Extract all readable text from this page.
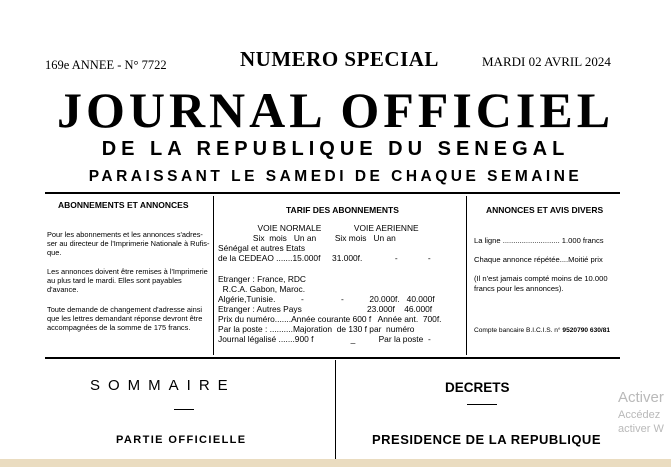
169e ANNEE - N° 7722	NUMERO SPECIAL	MARDI 02 AVRIL 2024
JOURNAL OFFICIEL
DE LA REPUBLIQUE DU SENEGAL
PARAISSANT LE SAMEDI DE CHAQUE SEMAINE
ABONNEMENTS ET ANNONCES
Pour les abonnements et les annonces s'adres-ser au directeur de l'Imprimerie Nationale à Rufis-que.
Les annonces doivent être remises à l'Imprimerie au plus tard le mardi. Elles sont payables d'avance.
Toute demande de changement d'adresse ainsi que les lettres demandant réponse devront être accompagnées de la somme de 175 francs.
TARIF DES ABONNEMENTS
VOIE NORMALE              VOIE AERIENNE
Six  mois   Un an        Six mois   Un an
Sénégal et autres Etats
de la CEDEAO .......15.000f     31.000f.              -             -
Etranger : France, RDC
R.C.A. Gabon, Maroc.
Algérie,Tunisie.           -                -           20.000f.   40.000f
Etranger : Autres Pays                            23.000f    46.000f
Prix du numéro.......Année courante 600 f   Année ant.  700f.
Par la poste : ..........Majoration  de 130 f par  numéro
Journal légalisé .......900 f                _          Par la poste  -
ANNONCES ET AVIS DIVERS
La ligne ........................... 1.000 francs
Chaque annonce répétée....Moitié prix
(Il n'est jamais compté moins de 10.000 francs pour les annonces).
Compte bancaire B.I.C.I.S. n° 9520790 630/81
SOMMAIRE	DECRETS
PARTIE OFFICIELLE	PRESIDENCE DE LA REPUBLIQUE
Activer
Accédez
activer W
